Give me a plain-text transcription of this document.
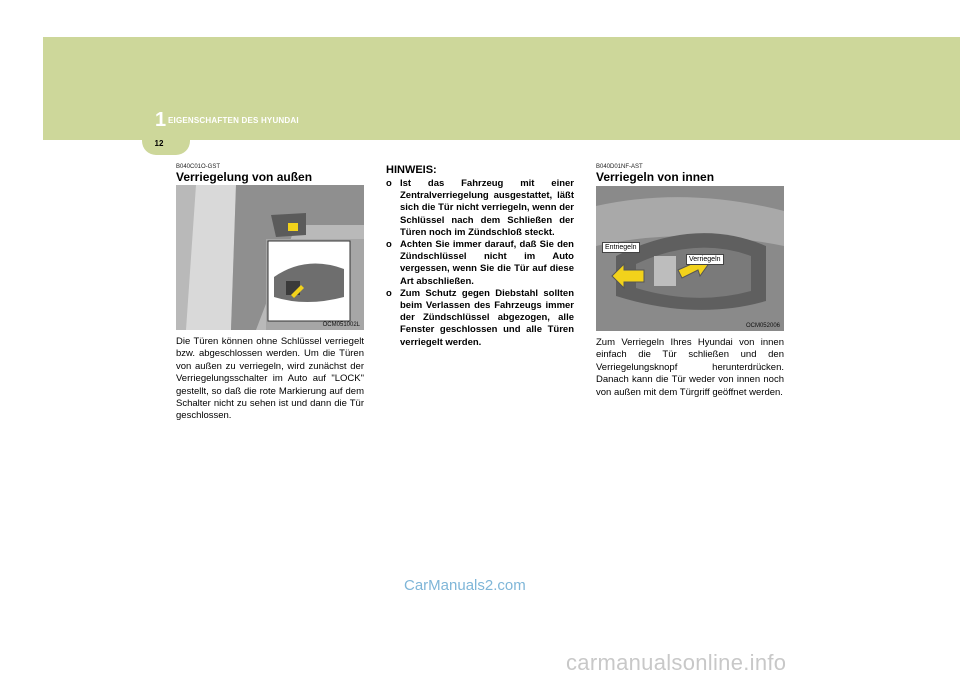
1 EIGENSCHAFTEN DES HYUNDAI
12

B040C01O-GST

Verriegelung von außen
OCM051002L

Die Türen können ohne Schlüssel verriegelt bzw. abgeschlossen werden. Um die Türen von außen zu verriegeln, wird zunächst der Verriegelungsschalter im Auto auf "LOCK" gestellt, so daß die rote Markierung auf dem Schalter nicht zu sehen ist und dann die Tür geschlossen.

HINWEIS:

o Ist das Fahrzeug mit einer Zentralverriegelung ausgestattet, läßt sich die Tür nicht verriegeln, wenn der Schlüssel nach dem Schließen der Türen noch im Zündschloß steckt.
o Achten Sie immer darauf, daß Sie den Zündschlüssel nicht im Auto vergessen, wenn Sie die Tür auf diese Art abschließen.
o Zum Schutz gegen Diebstahl sollten beim Verlassen des Fahrzeugs immer der Zündschlüssel abgezogen, alle Fenster geschlossen und alle Türen verriegelt werden.

B040D01NF-AST

Verriegeln von innen
Entriegeln
Verriegeln
OCM052006

Zum Verriegeln Ihres Hyundai von innen einfach die Tür schließen und den Verriegelungsknopf herunterdrücken. Danach kann die Tür weder von innen noch von außen mit dem Türgriff geöffnet werden.

CarManuals2.com
carmanualsonline.info
